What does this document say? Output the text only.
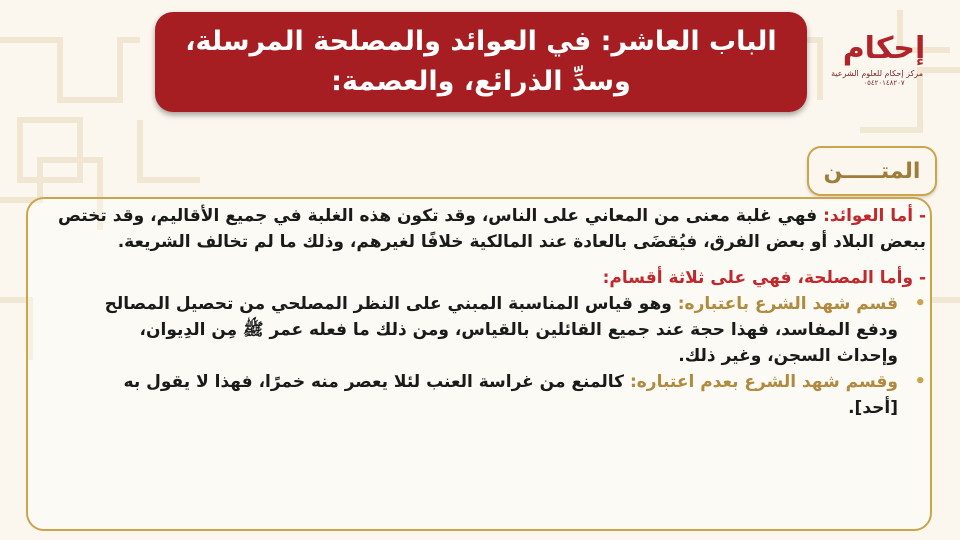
الباب العاشر: في العوائد والمصلحة المرسلة،
وسدِّ الذرائع، والعصمة:
إحكام
مركز إحكام للعلوم الشرعية
٠٥٤٢٠١٤٨٢٠٧
المتـــــن

- أما العوائد: فهي غلبة معنى من المعاني على الناس، وقد تكون هذه الغلبة في جميع الأقاليم، وقد تختص ببعض البلاد أو بعض الفرق، فيُقضَى بالعادة عند المالكية خلافًا لغيرهم، وذلك ما لم تخالف الشريعة.

- وأما المصلحة، فهي على ثلاثة أقسام:

•
قسم شهد الشرع باعتباره: وهو قياس المناسبة المبني على النظر المصلحي من تحصيل المصالح ودفع المفاسد، فهذا حجة عند جميع القائلين بالقياس، ومن ذلك ما فعله عمر ﷺ مِن الدِيوان، وإحداث السجن، وغير ذلك.
•
وقسم شهد الشرع بعدم اعتباره: كالمنع من غراسة العنب لئلا يعصر منه خمرًا، فهذا لا يقول به [أحد].
